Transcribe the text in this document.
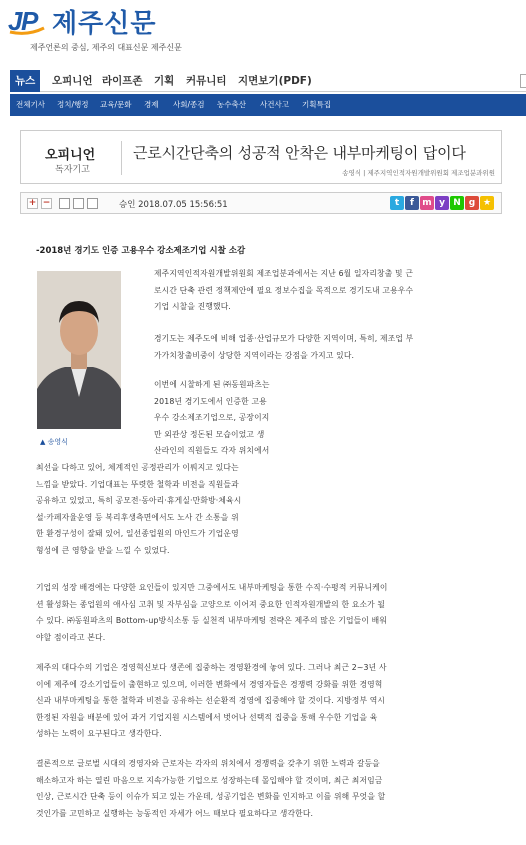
J
P 제주신문
제주언론의 중심, 제주의 대표신문 제주신문
뉴스	오피니언 라이프존 기획 커뮤니티 지면보기(PDF)
전체기사 정치/행정 교육/문화 경제 사회/종검 농수축산 사건사고 기획특집
오피니언
독자기고
근로시간단축의 성공적 안착은 내부마케팅이 답이다
송영식 | 제주지역인적자원개발위원회 제조업분과위원
+ −	승인 2018.07.05 15:56:51	t	f m y N g ★
-2018년 경기도 인증 고용우수 강소제조기업 시찰 소감
▲ 송영식
제주지역인적자원개발위원회 제조업분과에서는 지난 6월 일자리창출 및 근
로시간 단축 관련 정책제안에 필요 정보수집을 목적으로 경기도내 고용우수
기업 시찰을 진행했다.
경기도는 제주도에 비해 업종·산업규모가 다양한 지역이며, 특히, 제조업 부
가가치창출비중이 상당한 지역이라는 강점을 가지고 있다.
이번에 시찰하게 된 ㈜동원파츠는
2018년 경기도에서 인증한 고용
우수 강소제조기업으로, 공장이지
만 외관상 정돈된 모습이었고 생
산라인의 직원들도 각자 위치에서
최선을 다하고 있어, 체계적인 공정관리가 이뤄지고 있다는
느낌을 받았다. 기업대표는 뚜렷한 철학과 비전을 직원들과
공유하고 있었고, 특히 공모전·동아리·휴게실·만화방·체육시
설·카페자율운영 등 복리후생측면에서도 노사 간 소통을 위
한 환경구성이 잘돼 있어, 일선종업원의 마인드가 기업운영
형성에 큰 영향을 받을 느낄 수 있었다.
기업의 성장 배경에는 다양한 요인들이 있지만 그중에서도 내부마케팅을 통한 수직·수평적 커뮤니케이
션 활성화는 종업원의 애사심 고취 및 자부심을 고양으로 이어져 중요한 인적자원개발의 한 요소가 될
수 있다. ㈜동원파츠의 Bottom-up방식소통 등 실천적 내부마케팅 전략은 제주의 많은 기업들이 배워
야할 점이라고 본다.
제주의 대다수의 기업은 경영혁신보다 생존에 집중하는 경영환경에 놓여 있다. 그러나 최근 2~3년 사
이에 제주에 강소기업들이 출현하고 있으며, 이러한 변화에서 경영자들은 경쟁력 강화를 위한 경영혁
신과 내부마케팅을 통한 철학과 비전을 공유하는 선순환적 경영에 집중해야 할 것이다. 지방정부 역시
한정된 자원을 배분에 있어 과거 기업지원 시스템에서 벗어나 선택적 집중을 통해 우수한 기업을 육
성하는 노력이 요구된다고 생각한다.
결론적으로 글로벌 시대의 경영자와 근로자는 각자의 위치에서 경쟁력을 갖추기 위한 노력과 갈등을
해소하고자 하는 열린 마음으로 지속가능한 기업으로 성장하는데 몰입해야 할 것이며, 최근 최저임금
인상, 근로시간 단축 등이 이슈가 되고 있는 가운데, 성공기업은 변화를 인지하고 이를 위해 무엇을 할
것인가를 고민하고 실행하는 능동적인 자세가 어느 때보다 필요하다고 생각한다.
